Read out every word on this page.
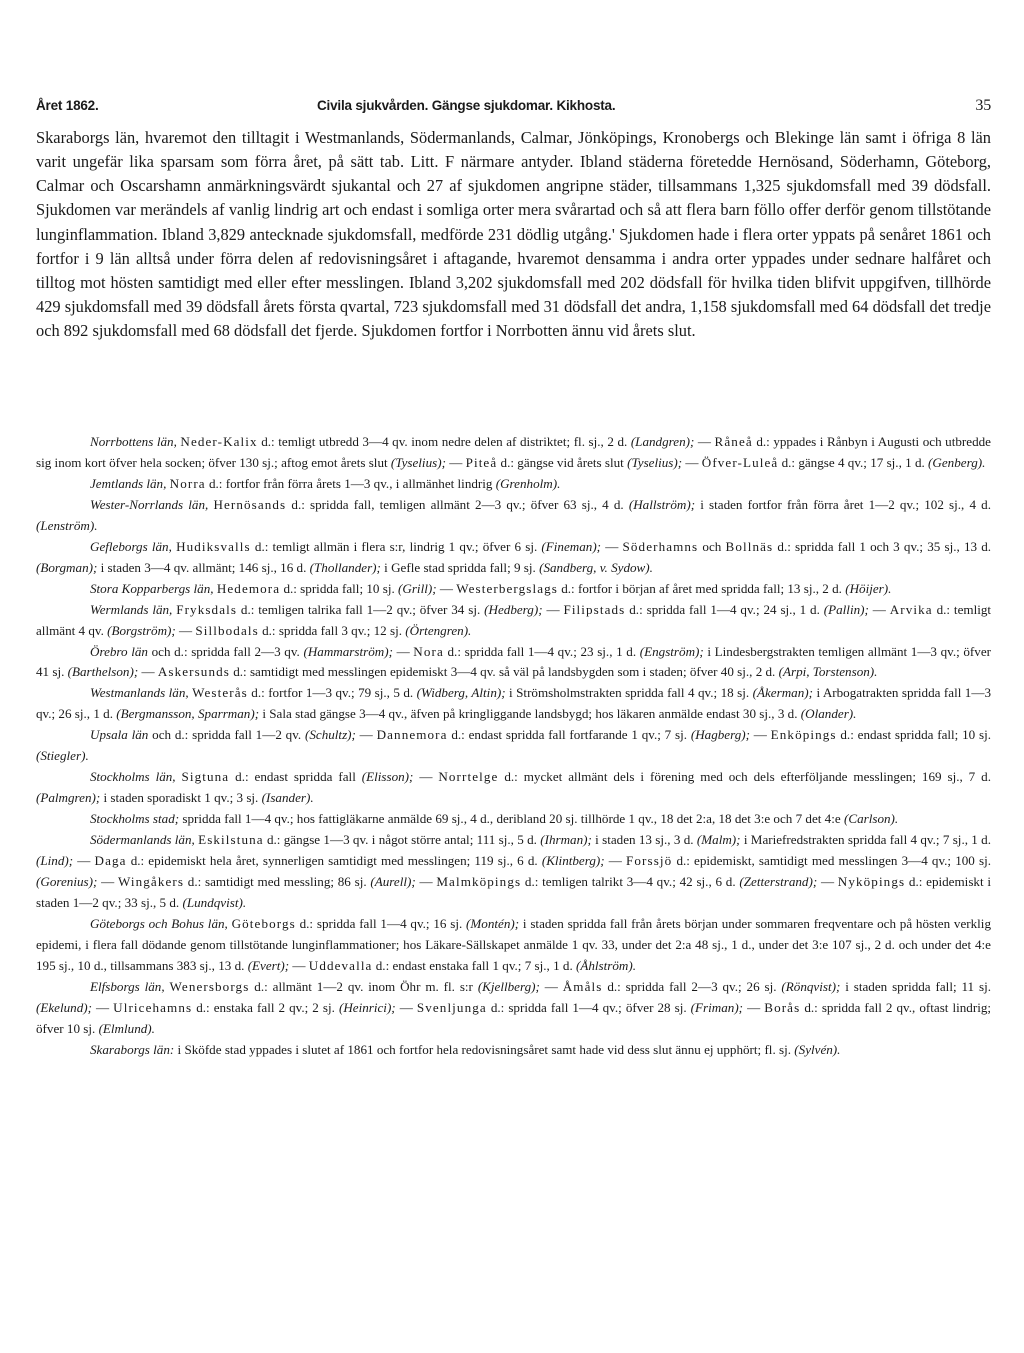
Året 1862.	Civila sjukvården. Gängse sjukdomar. Kikhosta.	35

Skaraborgs län, hvaremot den tilltagit i Westmanlands, Södermanlands, Calmar, Jönköpings, Kronobergs och Blekinge län samt i öfriga 8 län varit ungefär lika sparsam som förra året, på sätt tab. Litt. F närmare antyder. Ibland städerna företedde Hernösand, Söderhamn, Göteborg, Calmar och Oscarshamn anmärkningsvärdt sjukantal och 27 af sjukdomen angripne städer, tillsammans 1,325 sjukdomsfall med 39 dödsfall. Sjukdomen var merändels af vanlig lindrig art och endast i somliga orter mera svårartad och så att flera barn föllo offer derför genom tillstötande lunginflammation. Ibland 3,829 antecknade sjukdomsfall, medförde 231 dödlig utgång.' Sjukdomen hade i flera orter yppats på senåret 1861 och fortfor i 9 län alltså under förra delen af redovisningsåret i aftagande, hvaremot densamma i andra orter yppades under sednare halfåret och tilltog mot hösten samtidigt med eller efter messlingen. Ibland 3,202 sjukdomsfall med 202 dödsfall för hvilka tiden blifvit uppgifven, tillhörde 429 sjukdomsfall med 39 dödsfall årets första qvartal, 723 sjukdomsfall med 31 dödsfall det andra, 1,158 sjukdomsfall med 64 dödsfall det tredje och 892 sjukdomsfall med 68 dödsfall det fjerde. Sjukdomen fortfor i Norrbotten ännu vid årets slut.

Norrbottens län, Neder-Kalix d.: temligt utbredd 3—4 qv. inom nedre delen af distriktet; fl. sj., 2 d. (Landgren); — Råneå d.: yppades i Rånbyn i Augusti och utbredde sig inom kort öfver hela socken; öfver 130 sj.; aftog emot årets slut (Tyselius); — Piteå d.: gängse vid årets slut (Tyselius); — Öfver-Luleå d.: gängse 4 qv.; 17 sj., 1 d. (Genberg).

Jemtlands län, Norra d.: fortfor från förra årets 1—3 qv., i allmänhet lindrig (Grenholm).

Wester-Norrlands län, Hernösands d.: spridda fall, temligen allmänt 2—3 qv.; öfver 63 sj., 4 d. (Hallström); i staden fortfor från förra året 1—2 qv.; 102 sj., 4 d. (Lenström).

Gefleborgs län, Hudiksvalls d.: temligt allmän i flera s:r, lindrig 1 qv.; öfver 6 sj. (Fineman); — Söderhamns och Bollnäs d.: spridda fall 1 och 3 qv.; 35 sj., 13 d. (Borgman); i staden 3—4 qv. allmänt; 146 sj., 16 d. (Thollander); i Gefle stad spridda fall; 9 sj. (Sandberg, v. Sydow).

Stora Kopparbergs län, Hedemora d.: spridda fall; 10 sj. (Grill); — Westerbergslags d.: fortfor i början af året med spridda fall; 13 sj., 2 d. (Höijer).

Wermlands län, Fryksdals d.: temligen talrika fall 1—2 qv.; öfver 34 sj. (Hedberg); — Filipstads d.: spridda fall 1—4 qv.; 24 sj., 1 d. (Pallin); — Arvika d.: temligt allmänt 4 qv. (Borgström); — Sillbodals d.: spridda fall 3 qv.; 12 sj. (Örtengren).

Örebro län och d.: spridda fall 2—3 qv. (Hammarström); — Nora d.: spridda fall 1—4 qv.; 23 sj., 1 d. (Engström); i Lindesbergstrakten temligen allmänt 1—3 qv.; öfver 41 sj. (Barthelson); — Askersunds d.: samtidigt med messlingen epidemiskt 3—4 qv. så väl på landsbygden som i staden; öfver 40 sj., 2 d. (Arpi, Torstenson).

Westmanlands län, Westerås d.: fortfor 1—3 qv.; 79 sj., 5 d. (Widberg, Altin); i Strömsholmstrakten spridda fall 4 qv.; 18 sj. (Åkerman); i Arbogatrakten spridda fall 1—3 qv.; 26 sj., 1 d. (Bergmansson, Sparrman); i Sala stad gängse 3—4 qv., äfven på kringliggande landsbygd; hos läkaren anmälde endast 30 sj., 3 d. (Olander).

Upsala län och d.: spridda fall 1—2 qv. (Schultz); — Dannemora d.: endast spridda fall fortfarande 1 qv.; 7 sj. (Hagberg); — Enköpings d.: endast spridda fall; 10 sj. (Stiegler).

Stockholms län, Sigtuna d.: endast spridda fall (Elisson); — Norrtelge d.: mycket allmänt dels i förening med och dels efterföljande messlingen; 169 sj., 7 d. (Palmgren); i staden sporadiskt 1 qv.; 3 sj. (Isander).

Stockholms stad; spridda fall 1—4 qv.; hos fattigläkarne anmälde 69 sj., 4 d., deribland 20 sj. tillhörde 1 qv., 18 det 2:a, 18 det 3:e och 7 det 4:e (Carlson).

Södermanlands län, Eskilstuna d.: gängse 1—3 qv. i något större antal; 111 sj., 5 d. (Ihrman); i staden 13 sj., 3 d. (Malm); i Mariefredstrakten spridda fall 4 qv.; 7 sj., 1 d. (Lind); — Daga d.: epidemiskt hela året, synnerligen samtidigt med messlingen; 119 sj., 6 d. (Klintberg); — Forssjö d.: epidemiskt, samtidigt med messlingen 3—4 qv.; 100 sj. (Gorenius); — Wingåkers d.: samtidigt med messling; 86 sj. (Aurell); — Malmköpings d.: temligen talrikt 3—4 qv.; 42 sj., 6 d. (Zetterstrand); — Nyköpings d.: epidemiskt i staden 1—2 qv.; 33 sj., 5 d. (Lundqvist).

Göteborgs och Bohus län, Göteborgs d.: spridda fall 1—4 qv.; 16 sj. (Montén); i staden spridda fall från årets början under sommaren freqventare och på hösten verklig epidemi, i flera fall dödande genom tillstötande lunginflammationer; hos Läkare-Sällskapet anmälde 1 qv. 33, under det 2:a 48 sj., 1 d., under det 3:e 107 sj., 2 d. och under det 4:e 195 sj., 10 d., tillsammans 383 sj., 13 d. (Evert); — Uddevalla d.: endast enstaka fall 1 qv.; 7 sj., 1 d. (Åhlström).

Elfsborgs län, Wenersborgs d.: allmänt 1—2 qv. inom Öhr m. fl. s:r (Kjellberg); — Åmåls d.: spridda fall 2—3 qv.; 26 sj. (Rönqvist); i staden spridda fall; 11 sj. (Ekelund); — Ulricehamns d.: enstaka fall 2 qv.; 2 sj. (Heinrici); — Svenljunga d.: spridda fall 1—4 qv.; öfver 28 sj. (Friman); — Borås d.: spridda fall 2 qv., oftast lindrig; öfver 10 sj. (Elmlund).

Skaraborgs län: i Sköfde stad yppades i slutet af 1861 och fortfor hela redovisningsåret samt hade vid dess slut ännu ej upphört; fl. sj. (Sylvén).
